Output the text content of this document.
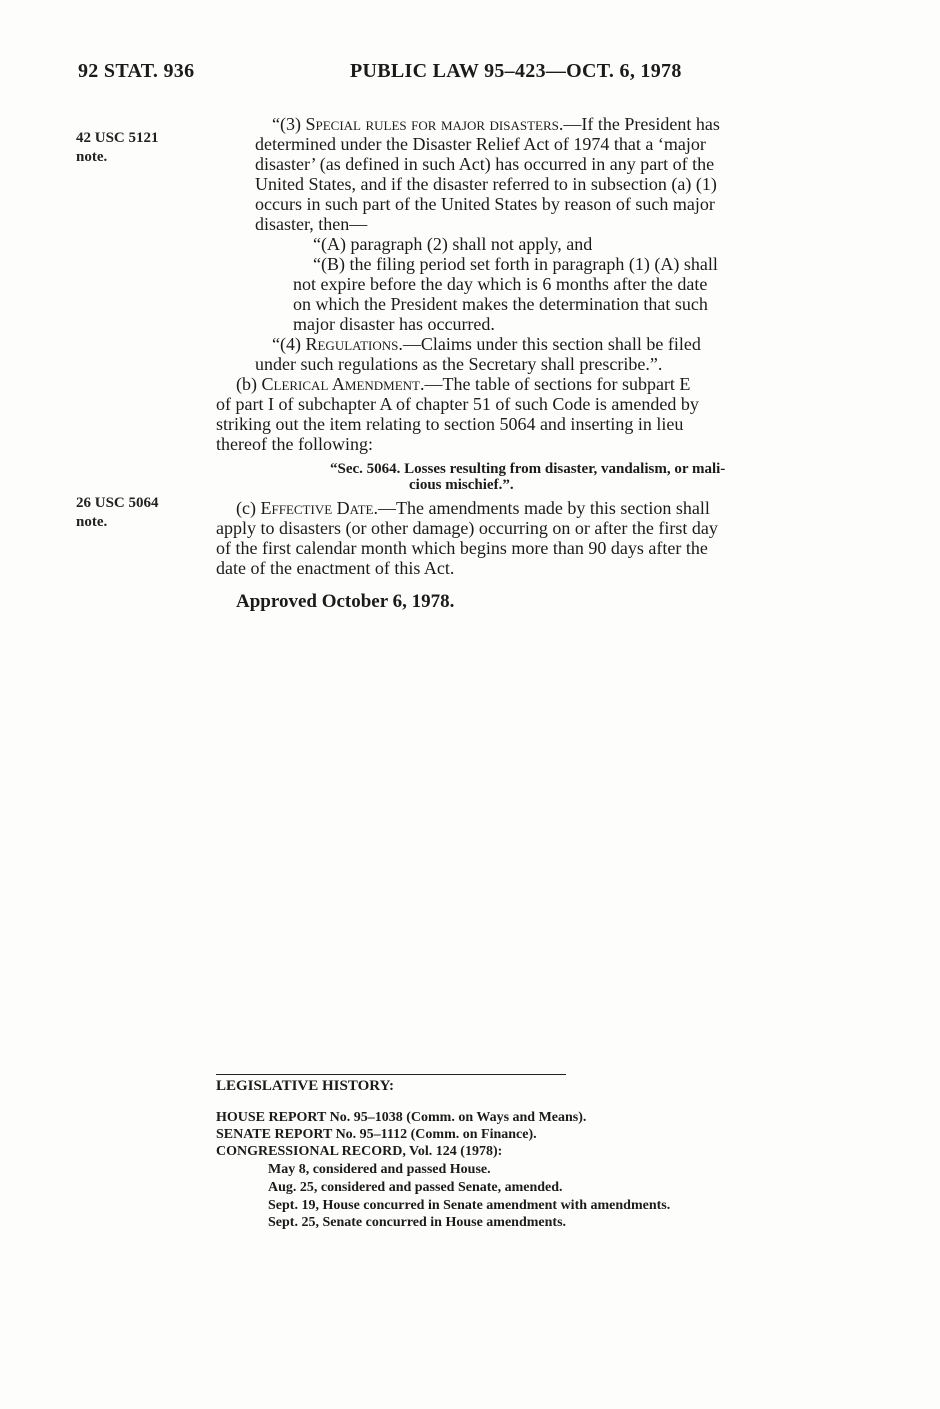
92 STAT. 936	PUBLIC LAW 95–423—OCT. 6, 1978
42 USC 5121
note.
26 USC 5064
note.
“(3) Special rules for major disasters.—If the President has
determined under the Disaster Relief Act of 1974 that a ‘major
disaster’ (as defined in such Act) has occurred in any part of the
United States, and if the disaster referred to in subsection (a) (1)
occurs in such part of the United States by reason of such major
disaster, then—
“(A) paragraph (2) shall not apply, and
“(B) the filing period set forth in paragraph (1) (A) shall
not expire before the day which is 6 months after the date
on which the President makes the determination that such
major disaster has occurred.
“(4) Regulations.—Claims under this section shall be filed
under such regulations as the Secretary shall prescribe.”.
(b) Clerical Amendment.—The table of sections for subpart E
of part I of subchapter A of chapter 51 of such Code is amended by
striking out the item relating to section 5064 and inserting in lieu
thereof the following:
“Sec. 5064. Losses resulting from disaster, vandalism, or mali-
cious mischief.”.
(c) Effective Date.—The amendments made by this section shall
apply to disasters (or other damage) occurring on or after the first day
of the first calendar month which begins more than 90 days after the
date of the enactment of this Act.
Approved October 6, 1978.
LEGISLATIVE HISTORY:
HOUSE REPORT No. 95–1038 (Comm. on Ways and Means).
SENATE REPORT No. 95–1112 (Comm. on Finance).
CONGRESSIONAL RECORD, Vol. 124 (1978):
May 8, considered and passed House.
Aug. 25, considered and passed Senate, amended.
Sept. 19, House concurred in Senate amendment with amendments.
Sept. 25, Senate concurred in House amendments.
